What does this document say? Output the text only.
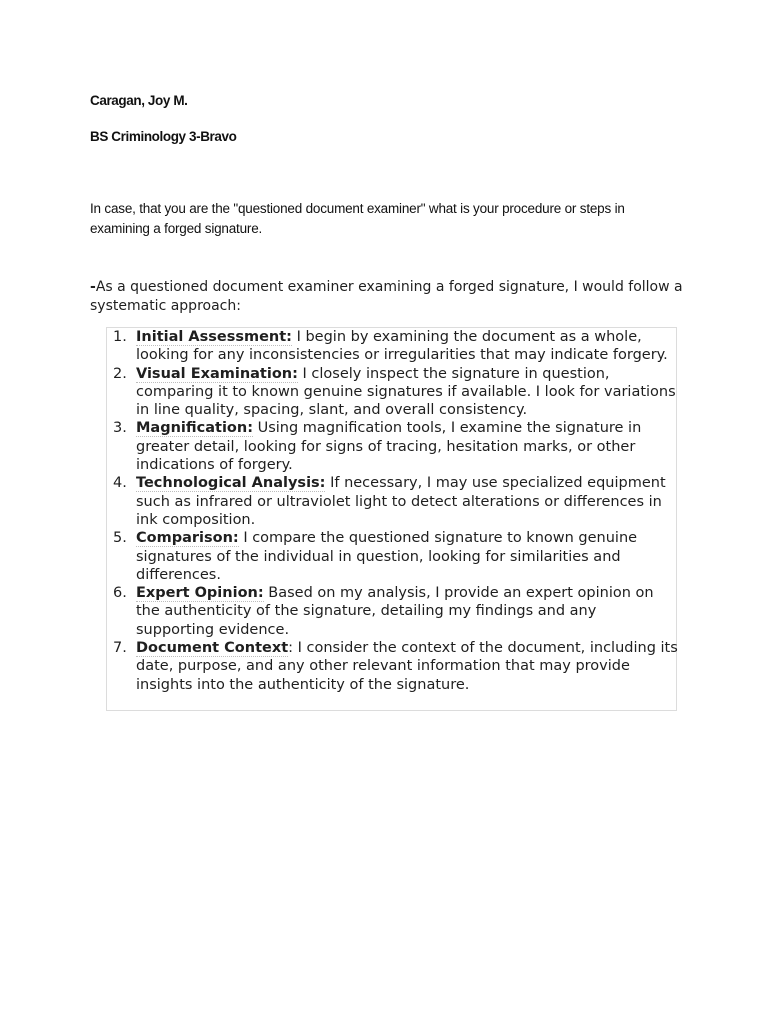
Caragan, Joy M.
BS Criminology 3-Bravo
In case, that you are the "questioned document examiner" what is your procedure or steps in examining a forged signature.
-As a questioned document examiner examining a forged signature, I would follow a systematic approach:
1. Initial Assessment: I begin by examining the document as a whole, looking for any inconsistencies or irregularities that may indicate forgery.
2. Visual Examination: I closely inspect the signature in question, comparing it to known genuine signatures if available. I look for variations in line quality, spacing, slant, and overall consistency.
3. Magnification: Using magnification tools, I examine the signature in greater detail, looking for signs of tracing, hesitation marks, or other indications of forgery.
4. Technological Analysis: If necessary, I may use specialized equipment such as infrared or ultraviolet light to detect alterations or differences in ink composition.
5. Comparison: I compare the questioned signature to known genuine signatures of the individual in question, looking for similarities and differences.
6. Expert Opinion: Based on my analysis, I provide an expert opinion on the authenticity of the signature, detailing my findings and any supporting evidence.
7. Document Context: I consider the context of the document, including its date, purpose, and any other relevant information that may provide insights into the authenticity of the signature.
